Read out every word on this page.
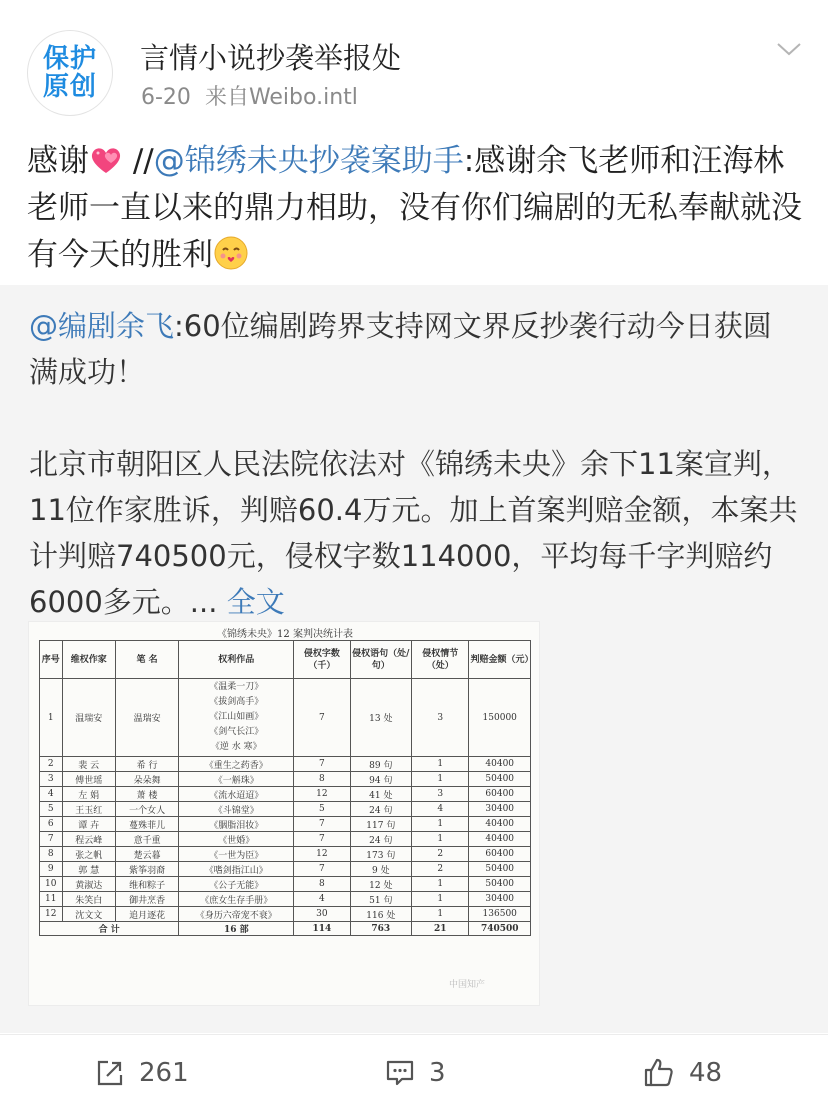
保护
原创
言情小说抄袭举报处
6-20 来自Weibo.intl
感谢 //@锦绣未央抄袭案助手:感谢余飞老师和汪海林老师一直以来的鼎力相助，没有你们编剧的无私奉献就没有今天的胜利

@编剧余飞:60位编剧跨界支持网文界反抄袭行动今日获圆满成功！

北京市朝阳区人民法院依法对《锦绣未央》余下11案宣判，11位作家胜诉，判赔60.4万元。加上首案判赔金额，本案共计判赔740500元，侵权字数114000，平均每千字判赔约6000多元。... 全文

《锦绣未央》12 案判决统计表
序号	维权作家	笔 名	权利作品	侵权字数（千）	侵权语句（处/句）	侵权情节（处）	判赔金额（元）
1	温瑞安	温瑞安	《温柔一刀》
《拔剑高手》
《江山如画》
《剑气长江》
《逆 水 寒》	7	13 处	3	150000
2	裴 云	希 行	《重生之药香》	7	89 句	1	40400
3	傅世瑶	朵朵舞	《一斛珠》	8	94 句	1	50400
4	左 娟	萧 楼	《流水迢迢》	12	41 处	3	60400
5	王玉红	一个女人	《斗锦堂》	5	24 句	4	30400
6	谭 卉	蔓殊菲儿	《胭脂泪妆》	7	117 句	1	40400
7	程云峰	意千重	《世婚》	7	24 句	1	40400
8	张之帆	楚云暮	《一世为臣》	12	173 句	2	60400
9	郭 慧	紫筝羽裔	《嗜剑指江山》	7	9 处	2	50400
10	黄淑达	维和粽子	《公子无能》	8	12 处	1	50400
11	朱笑白	御井烹香	《庶女生存手册》	4	51 句	1	30400
12	沈文文	追月逐花	《身历六帝宠不衰》	30	116 处	1	136500
合 计			16 部	114	763	21	740500
中国知产
261	3	48
